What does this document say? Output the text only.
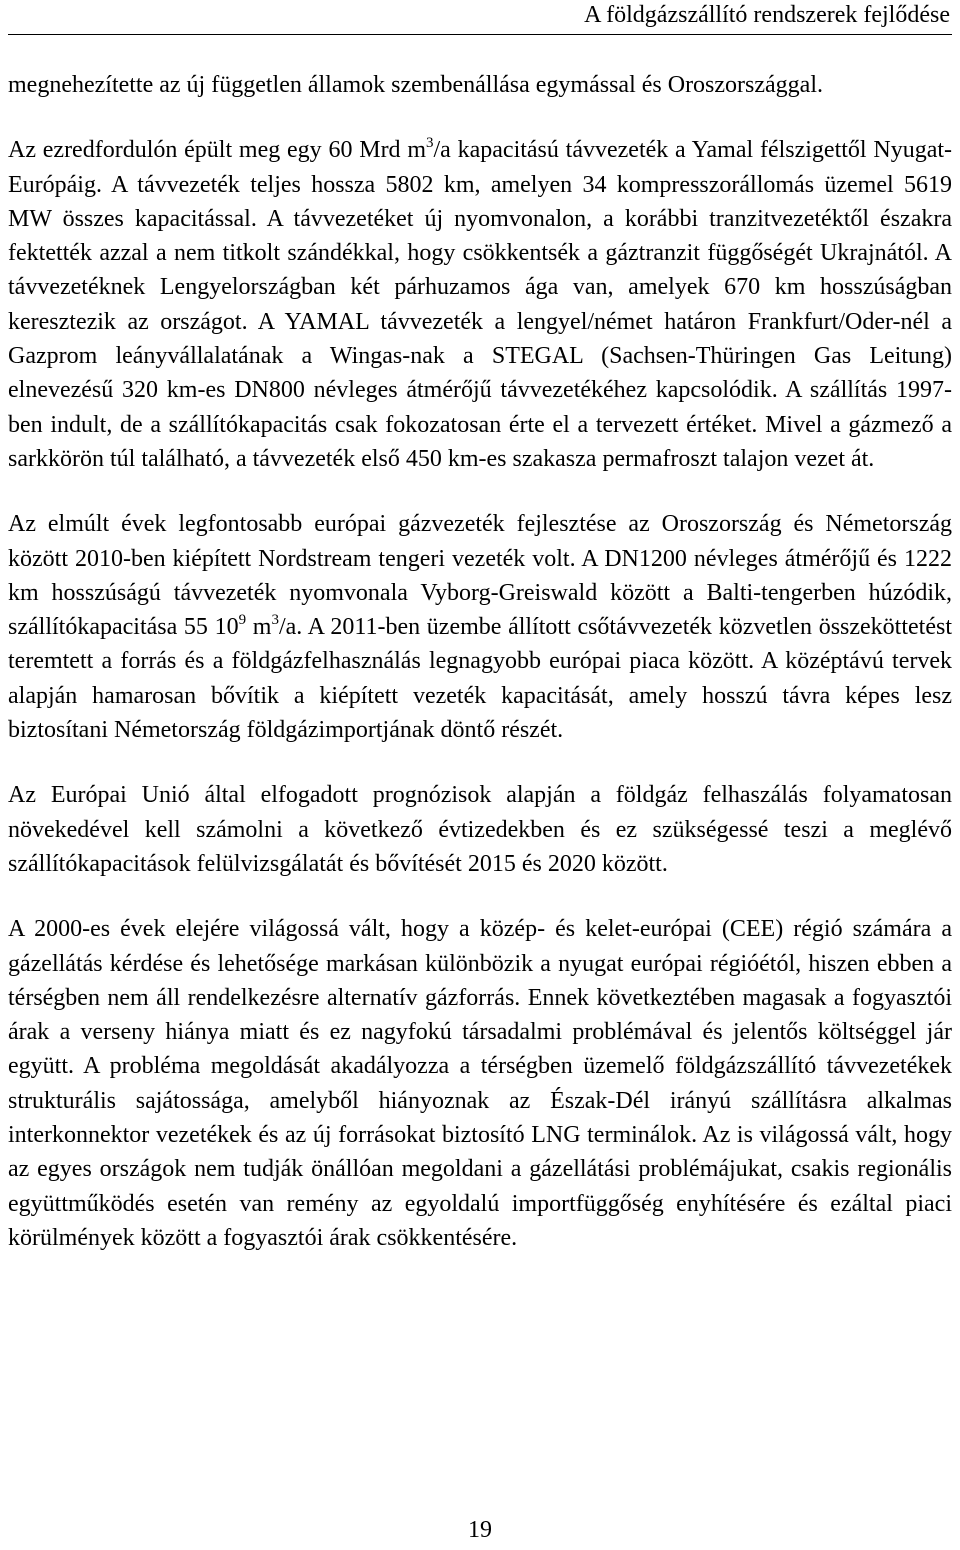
A földgázszállító rendszerek fejlődése

megnehezítette az új független államok szembenállása egymással és Oroszországgal.

Az ezredfordulón épült meg egy 60 Mrd $m^3/a$ kapacitású távvezeték a Yamal félszigettől Nyugat-Európáig. A távvezeték teljes hossza 5802 km, amelyen 34 kompresszorállomás üzemel 5619 MW összes kapacitással. A távvezetéket új nyomvonalon, a korábbi tranzitvezetéktől északra fektették azzal a nem titkolt szándékkal, hogy csökkentsék a gáztranzit függőségét Ukrajnától. A távvezetéknek Lengyelországban két párhuzamos ága van, amelyek 670 km hosszúságban keresztezik az országot. A YAMAL távvezeték a lengyel/német határon Frankfurt/Oder-nél a Gazprom leányvállalatának a Wingas-nak a STEGAL (Sachsen-Thüringen Gas Leitung) elnevezésű 320 km-es DN800 névleges átmérőjű távvezetékéhez kapcsolódik. A szállítás 1997-ben indult, de a szállítókapacitás csak fokozatosan érte el a tervezett értéket. Mivel a gázmező a sarkkörön túl található, a távvezeték első 450 km-es szakasza permafroszt talajon vezet át.

Az elmúlt évek legfontosabb európai gázvezeték fejlesztése az Oroszország és Németország között 2010-ben kiépített Nordstream tengeri vezeték volt. A DN1200 névleges átmérőjű és 1222 km hosszúságú távvezeték nyomvonala Vyborg-Greiswald között a Balti-tengerben húzódik, szállítókapacitása 55 $10^9$ $m^3/a$. A 2011-ben üzembe állított csőtávvezeték közvetlen összeköttetést teremtett a forrás és a földgázfelhasználás legnagyobb európai piaca között. A középtávú tervek alapján hamarosan bővítik a kiépített vezeték kapacitását, amely hosszú távra képes lesz biztosítani Németország földgázimportjának döntő részét.

Az Európai Unió által elfogadott prognózisok alapján a földgáz felhaszálás folyamatosan növekedével kell számolni a következő évtizedekben és ez szükségessé teszi a meglévő szállítókapacitások felülvizsgálatát és bővítését 2015 és 2020 között.

A 2000-es évek elejére világossá vált, hogy a közép- és kelet-európai (CEE) régió számára a gázellátás kérdése és lehetősége markásan különbözik a nyugat európai régióétól, hiszen ebben a térségben nem áll rendelkezésre alternatív gázforrás. Ennek következtében magasak a fogyasztói árak a verseny hiánya miatt és ez nagyfokú társadalmi problémával és jelentős költséggel jár együtt. A probléma megoldását akadályozza a térségben üzemelő földgázszállító távvezetékek strukturális sajátossága, amelyből hiányoznak az Észak-Dél irányú szállításra alkalmas interkonnektor vezetékek és az új forrásokat biztosító LNG terminálok. Az is világossá vált, hogy az egyes országok nem tudják önállóan megoldani a gázellátási problémájukat, csakis regionális együttműködés esetén van remény az egyoldalú importfüggőség enyhítésére és ezáltal piaci körülmények között a fogyasztói árak csökkentésére.

19
